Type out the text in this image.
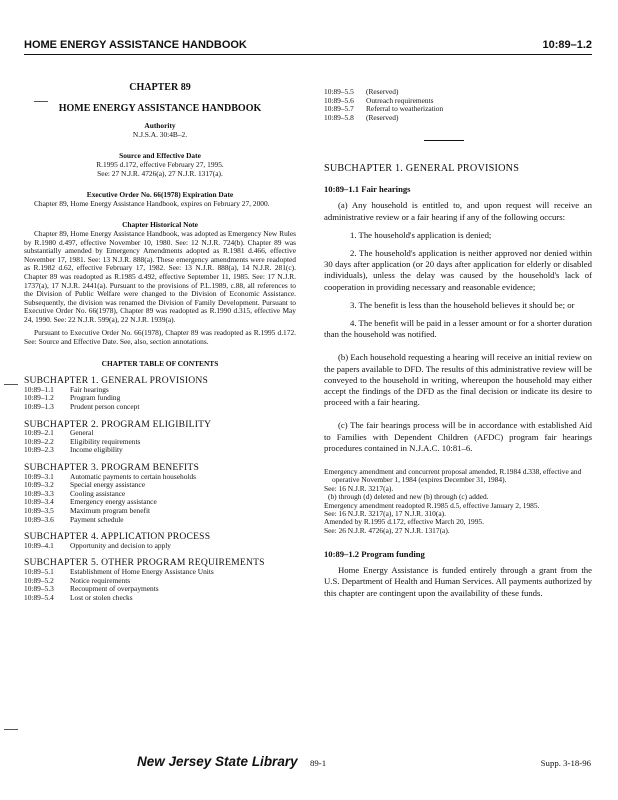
HOME ENERGY ASSISTANCE HANDBOOK	10:89–1.2
CHAPTER 89
HOME ENERGY ASSISTANCE HANDBOOK
Authority
N.J.S.A. 30:4B–2.
Source and Effective Date
R.1995 d.172, effective February 27, 1995.
See: 27 N.J.R. 4726(a), 27 N.J.R. 1317(a).
Executive Order No. 66(1978) Expiration Date

Chapter 89, Home Energy Assistance Handbook, expires on February 27, 2000.

Chapter Historical Note

Chapter 89, Home Energy Assistance Handbook, was adopted as Emergency New Rules by R.1980 d.497, effective November 10, 1980. See: 12 N.J.R. 724(b). Chapter 89 was substantially amended by Emergency Amendments adopted as R.1981 d.466, effective November 17, 1981. See: 13 N.J.R. 888(a). These emergency amendments were readopted as R.1982 d.62, effective February 17, 1982. See: 13 N.J.R. 888(a), 14 N.J.R. 281(c). Chapter 89 was readopted as R.1985 d.492, effective September 11, 1985. See: 17 N.J.R. 1737(a), 17 N.J.R. 2441(a). Pursuant to the provisions of P.L.1989, c.88, all references to the Division of Public Welfare were changed to the Division of Economic Assistance. Subsequently, the division was renamed the Division of Family Development. Pursuant to Executive Order No. 66(1978), Chapter 89 was readopted as R.1990 d.315, effective May 24, 1990. See: 22 N.J.R. 599(a), 22 N.J.R. 1939(a).

Pursuant to Executive Order No. 66(1978), Chapter 89 was readopted as R.1995 d.172. See: Source and Effective Date. See, also, section annotations.

CHAPTER TABLE OF CONTENTS
SUBCHAPTER 1. GENERAL PROVISIONS
10:89–1.1	Fair hearings
10:89–1.2	Program funding
10:89–1.3	Prudent person concept
SUBCHAPTER 2. PROGRAM ELIGIBILITY
10:89–2.1	General
10:89–2.2	Eligibility requirements
10:89–2.3	Income eligibility
SUBCHAPTER 3. PROGRAM BENEFITS
10:89–3.1	Automatic payments to certain households
10:89–3.2	Special energy assistance
10:89–3.3	Cooling assistance
10:89–3.4	Emergency energy assistance
10:89–3.5	Maximum program benefit
10:89–3.6	Payment schedule
SUBCHAPTER 4. APPLICATION PROCESS
10:89–4.1	Opportunity and decision to apply
SUBCHAPTER 5. OTHER PROGRAM REQUIREMENTS
10:89–5.1	Establishment of Home Energy Assistance Units
10:89–5.2	Notice requirements
10:89–5.3	Recoupment of overpayments
10:89–5.4	Lost or stolen checks
10:89–5.5	(Reserved)
10:89–5.6	Outreach requirements
10:89–5.7	Referral to weatherization
10:89–5.8	(Reserved)
SUBCHAPTER 1. GENERAL PROVISIONS
10:89–1.1 Fair hearings

(a) Any household is entitled to, and upon request will receive an administrative review or a fair hearing if any of the following occurs:

1. The household's application is denied;

2. The household's application is neither approved nor denied within 30 days after application (or 20 days after application for elderly or disabled individuals), unless the delay was caused by the household's lack of cooperation in providing necessary and reasonable evidence;

3. The benefit is less than the household believes it should be; or

4. The benefit will be paid in a lesser amount or for a shorter duration than the household was notified.

(b) Each household requesting a hearing will receive an initial review on the papers available to DFD. The results of this administrative review will be conveyed to the household in writing, whereupon the household may either accept the findings of the DFD as the final decision or indicate its desire to proceed with a fair hearing.

(c) The fair hearings process will be in accordance with established Aid to Families with Dependent Children (AFDC) program fair hearings procedures contained in N.J.A.C. 10:81–6.

Emergency amendment and concurrent proposal amended, R.1984 d.338, effective and operative November 1, 1984 (expires December 31, 1984).

See: 16 N.J.R. 3217(a).

(b) through (d) deleted and new (b) through (c) added.

Emergency amendment readopted R.1985 d.5, effective January 2, 1985.

See: 16 N.J.R. 3217(a), 17 N.J.R. 310(a).

Amended by R.1995 d.172, effective March 20, 1995.

See: 26 N.J.R. 4726(a), 27 N.J.R. 1317(a).

10:89–1.2 Program funding

Home Energy Assistance is funded entirely through a grant from the U.S. Department of Health and Human Services. All payments authorized by this chapter are contingent upon the availability of these funds.

New Jersey State Library 89-1	Supp. 3-18-96
